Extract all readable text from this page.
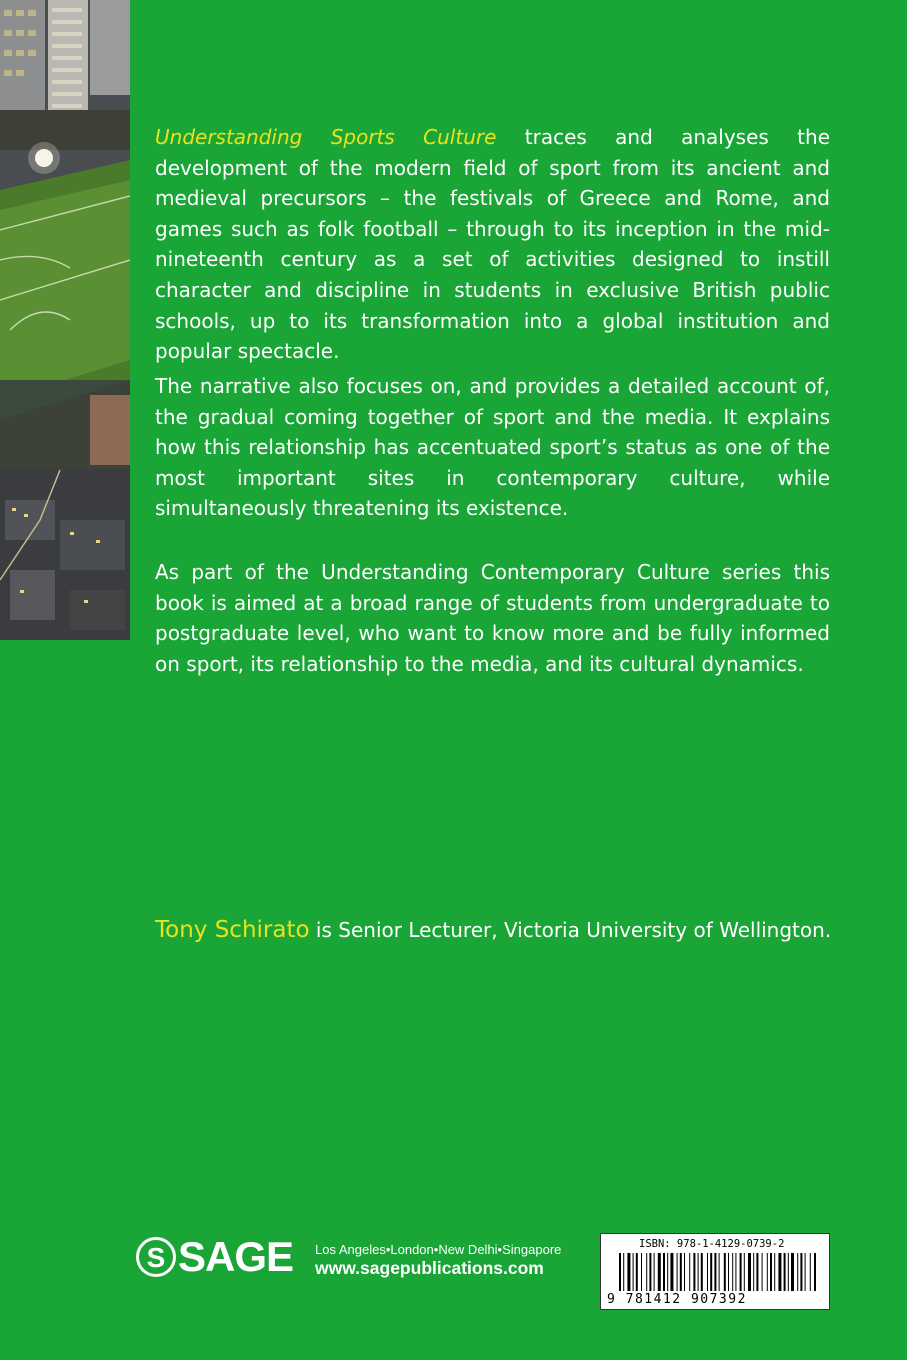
Understanding Sports Culture traces and analyses the development of the modern field of sport from its ancient and medieval precursors – the festivals of Greece and Rome, and games such as folk football – through to its inception in the mid-nineteenth century as a set of activities designed to instill character and discipline in students in exclusive British public schools, up to its transformation into a global institution and popular spectacle.

The narrative also focuses on, and provides a detailed account of, the gradual coming together of sport and the media. It explains how this relationship has accentuated sport’s status as one of the most important sites in contemporary culture, while simultaneously threatening its existence.

As part of the Understanding Contemporary Culture series this book is aimed at a broad range of students from undergraduate to postgraduate level, who want to know more and be fully informed on sport, its relationship to the media, and its cultural dynamics.

Tony Schirato is Senior Lecturer, Victoria University of Wellington.
S SAGE Los Angeles•London•New Delhi•Singapore
www.sagepublications.com
ISBN: 978-1-4129-0739-2
9 781412 907392
